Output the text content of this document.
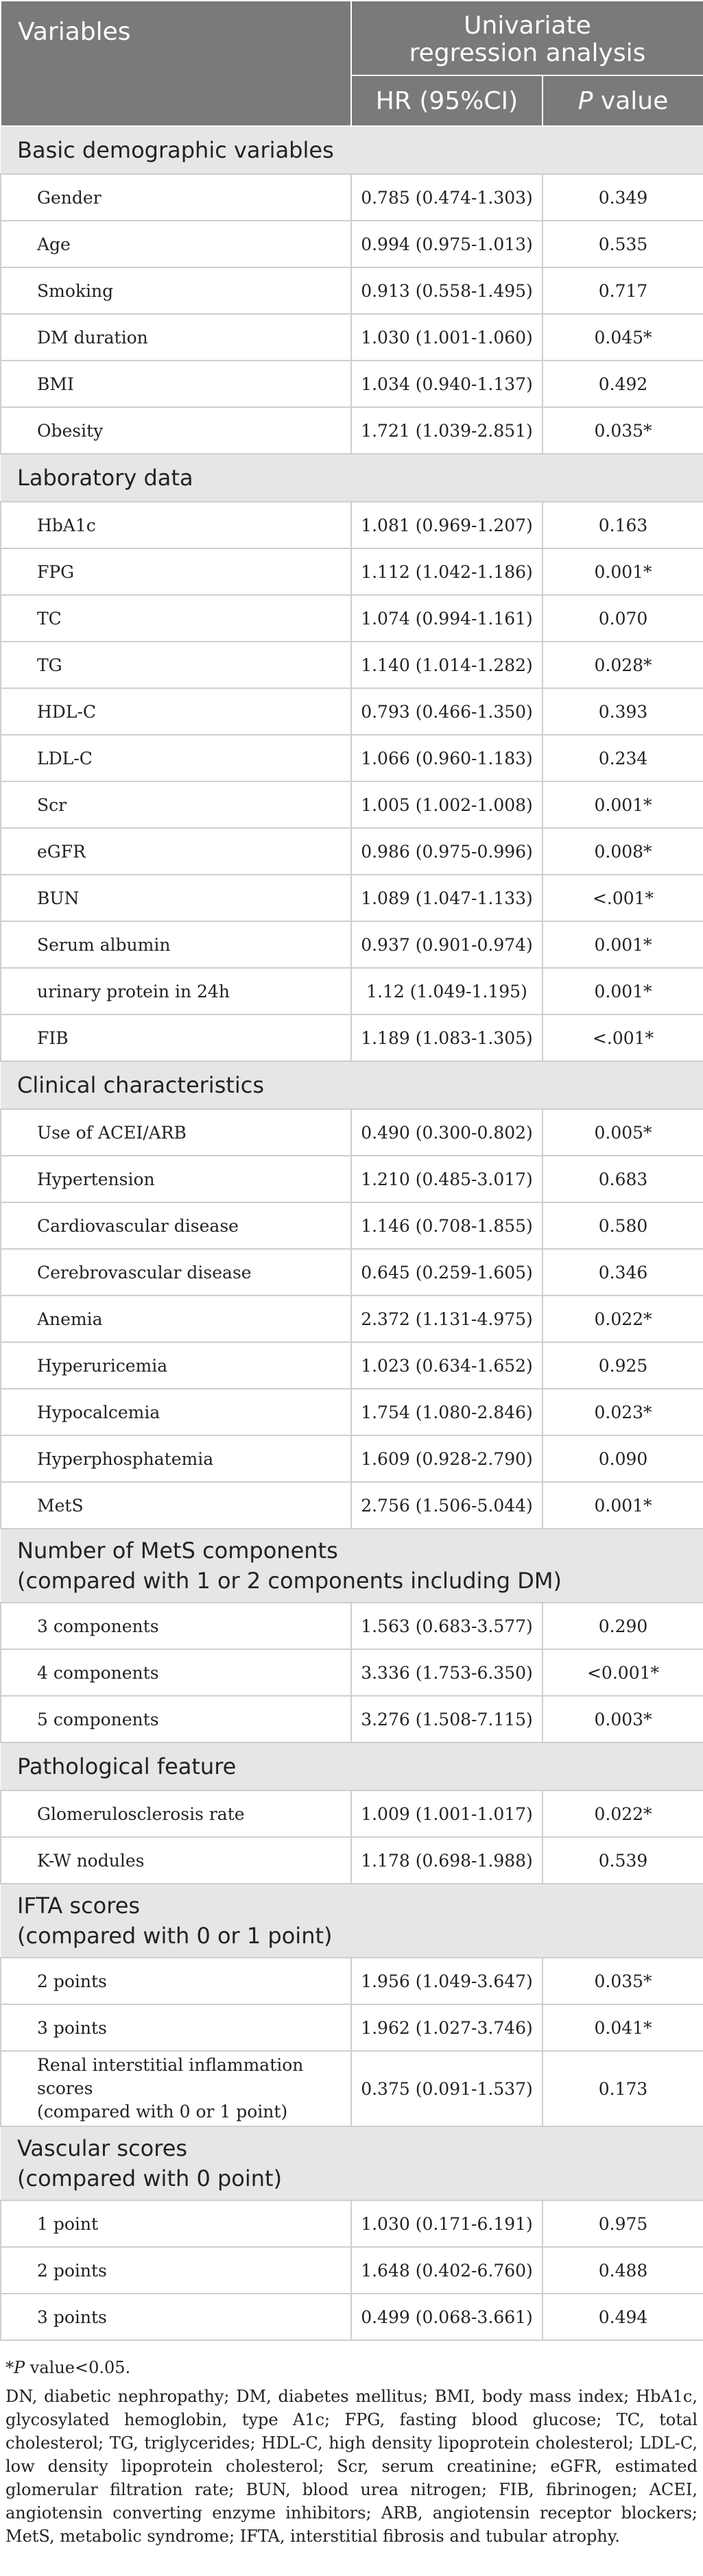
Variables	Univariate
regression analysis	
	HR (95%CI)	P value
Basic demographic variables		
Gender	0.785 (0.474-1.303)	0.349
Age	0.994 (0.975-1.013)	0.535
Smoking	0.913 (0.558-1.495)	0.717
DM duration	1.030 (1.001-1.060)	0.045*
BMI	1.034 (0.940-1.137)	0.492
Obesity	1.721 (1.039-2.851)	0.035*
Laboratory data		
HbA1c	1.081 (0.969-1.207)	0.163
FPG	1.112 (1.042-1.186)	0.001*
TC	1.074 (0.994-1.161)	0.070
TG	1.140 (1.014-1.282)	0.028*
HDL-C	0.793 (0.466-1.350)	0.393
LDL-C	1.066 (0.960-1.183)	0.234
Scr	1.005 (1.002-1.008)	0.001*
eGFR	0.986 (0.975-0.996)	0.008*
BUN	1.089 (1.047-1.133)	<.001*
Serum albumin	0.937 (0.901-0.974)	0.001*
urinary protein in 24h	1.12 (1.049-1.195)	0.001*
FIB	1.189 (1.083-1.305)	<.001*
Clinical characteristics		
Use of ACEI/ARB	0.490 (0.300-0.802)	0.005*
Hypertension	1.210 (0.485-3.017)	0.683
Cardiovascular disease	1.146 (0.708-1.855)	0.580
Cerebrovascular disease	0.645 (0.259-1.605)	0.346
Anemia	2.372 (1.131-4.975)	0.022*
Hyperuricemia	1.023 (0.634-1.652)	0.925
Hypocalcemia	1.754 (1.080-2.846)	0.023*
Hyperphosphatemia	1.609 (0.928-2.790)	0.090
MetS	2.756 (1.506-5.044)	0.001*
Number of MetS components
(compared with 1 or 2 components including DM)		
3 components	1.563 (0.683-3.577)	0.290
4 components	3.336 (1.753-6.350)	<0.001*
5 components	3.276 (1.508-7.115)	0.003*
Pathological feature		
Glomerulosclerosis rate	1.009 (1.001-1.017)	0.022*
K-W nodules	1.178 (0.698-1.988)	0.539
IFTA scores
(compared with 0 or 1 point)		
2 points	1.956 (1.049-3.647)	0.035*
3 points	1.962 (1.027-3.746)	0.041*
Renal interstitial inflammation scores
(compared with 0 or 1 point)	0.375 (0.091-1.537)	0.173
Vascular scores
(compared with 0 point)		
1 point	1.030 (0.171-6.191)	0.975
2 points	1.648 (0.402-6.760)	0.488
3 points	0.499 (0.068-3.661)	0.494
*P value<0.05.
DN, diabetic nephropathy; DM, diabetes mellitus; BMI, body mass index; HbA1c, glycosylated hemoglobin, type A1c; FPG, fasting blood glucose; TC, total cholesterol; TG, triglycerides; HDL-C, high density lipoprotein cholesterol; LDL-C, low density lipoprotein cholesterol; Scr, serum creatinine; eGFR, estimated glomerular filtration rate; BUN, blood urea nitrogen; FIB, fibrinogen; ACEI, angiotensin converting enzyme inhibitors; ARB, angiotensin receptor blockers; MetS, metabolic syndrome; IFTA, interstitial fibrosis and tubular atrophy.
